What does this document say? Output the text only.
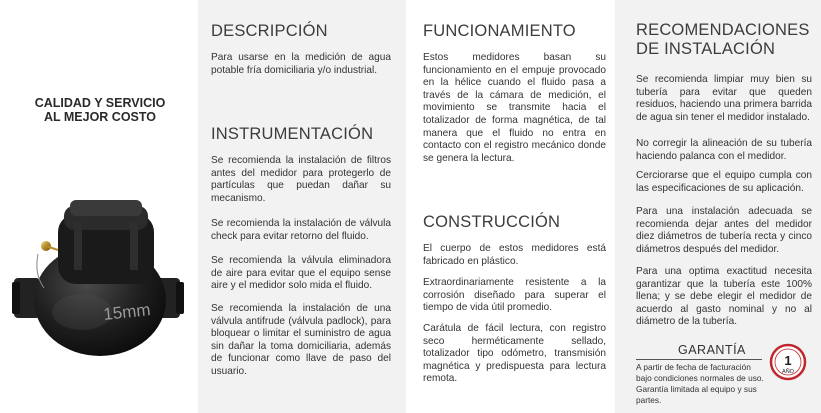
CALIDAD Y SERVICIO
AL MEJOR COSTO
15mm
DESCRIPCIÓN

Para usarse en la medición de agua potable fría domiciliaria y/o industrial.

INSTRUMENTACIÓN

Se recomienda la instalación de filtros antes del medidor para protegerlo de partículas que puedan dañar su mecanismo.

Se recomienda la instalación de válvula check para evitar retorno del fluido.

Se recomienda la válvula eliminadora de aire para evitar que el equipo sense aire y el medidor solo mida el fluido.

Se recomienda la instalación de una válvula antifrude (válvula padlock), para bloquear o limitar el suministro de agua sin dañar la toma domiciliaria, además de funcionar como llave de paso del usuario.

FUNCIONAMIENTO

Estos medidores basan su funcionamiento en el empuje provocado en la hélice cuando el fluido pasa a través de la cámara de medición, el movimiento se transmite hacia el totalizador de forma magnética, de tal manera que el fluido no entra en contacto con el registro mecánico donde se genera la lectura.

CONSTRUCCIÓN

El cuerpo de estos medidores está fabricado en plástico.

Extraordinariamente resistente a la corrosión diseñado para superar el tiempo de vida útil promedio.

Carátula de fácil lectura, con registro seco herméticamente sellado, totalizador tipo odómetro, transmisión magnética y predispuesta para lectura remota.

RECOMENDACIONES
DE INSTALACIÓN

Se recomienda limpiar muy bien su tubería para evitar que queden residuos, haciendo una primera barrida de agua sin tener el medidor instalado.

No corregir la alineación de su tubería haciendo palanca con el medidor.

Cerciorarse que el equipo cumpla con las especificaciones de su aplicación.

Para una instalación adecuada se recomienda dejar antes del medidor diez diámetros de tubería recta y cinco diámetros después del medidor.

Para una optima exactitud necesita garantizar que la tubería este 100% llena; y se debe elegir el medidor de acuerdo al gasto nominal y no al diámetro de la tubería.

GARANTÍA
A partir de fecha de facturación bajo condiciones normales de uso. Garantía limitada al equipo y sus partes.
1
AÑO
